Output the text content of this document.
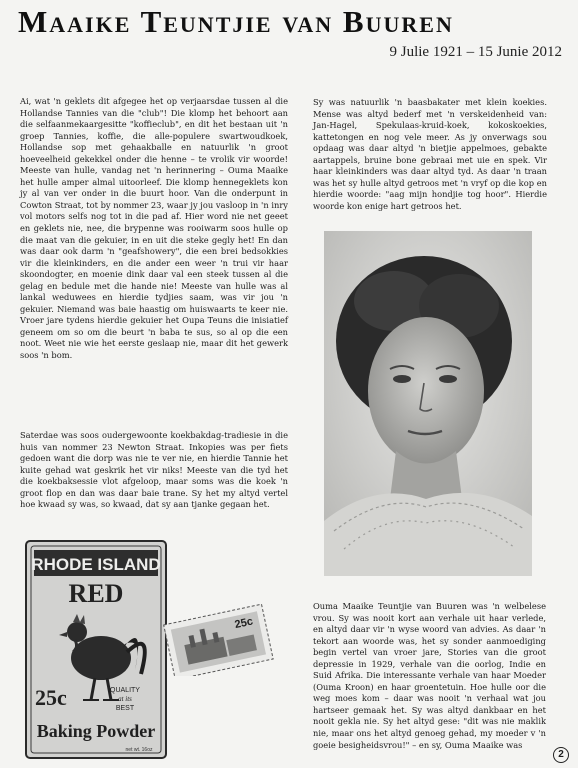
Maaike Teuntjie van Buuren
9 Julie 1921 – 15 Junie 2012

Ai, wat 'n geklets dit afgegee het op verjaarsdae tussen al die Hollandse Tannies van die "club"! Die klomp het behoort aan die selfaanmekaargesitte "koffieclub", en dit het bestaan uit 'n groep Tannies, koffie, die alle-populere swartwoudkoek, Hollandse sop met gehaakballe en natuurlik 'n groot hoeveelheid gekekkel onder die henne – te vrolik vir woorde! Meeste van hulle, vandag net 'n herinnering – Ouma Maaike het hulle amper almal uitoorleef. Die klomp hennegeklets kon jy al van ver onder in die buurt hoor. Van die onderpunt in Cowton Straat, tot by nommer 23, waar jy jou vasloop in 'n inry vol motors selfs nog tot in die pad af. Hier word nie net geeet en geklets nie, nee, die brypenne was rooiwarm soos hulle op die maat van die gekuier, in en uit die steke gegly het! En dan was daar ook darm 'n "geafshowery", die een brei bedsokkies vir die kleinkinders, en die ander een weer 'n trui vir haar skoondogter, en moenie dink daar val een steek tussen al die gelag en bedule met die hande nie! Meeste van hulle was al lankal weduwees en hierdie tydjies saam, was vir jou 'n gekuier. Niemand was baie haastig om huiswaarts te keer nie. Vroer jare tydens hierdie gekuier het Oupa Teuns die inisiatief geneem om so om die beurt 'n baba te sus, so al op die een noot. Weet nie wie het eerste geslaap nie, maar dit het gewerk soos 'n bom.

Saterdae was soos oudergewoonte koekbakdag-tradiesie in die huis van nommer 23 Newton Straat. Inkopies was per fiets gedoen want die dorp was nie te ver nie, en hierdie Tannie het kuite gehad wat geskrik het vir niks! Meeste van die tyd het die koekbaksessie vlot afgeloop, maar soms was die koek 'n groot flop en dan was daar baie trane. Sy het my altyd vertel hoe kwaad sy was, so kwaad, dat sy aan tjanke gegaan het.

Sy was natuurlik 'n baasbakater met klein koekies. Mense was altyd bederf met 'n verskeidenheid van: Jan-Hagel, Spekulaas-kruid-koek, kokoskoekies, kattetongen en nog vele meer. As jy onverwags sou opdaag was daar altyd 'n bietjie appelmoes, gebakte aartappels, bruine bone gebraai met uie en spek. Vir haar kleinkinders was daar altyd tyd. As daar 'n traan was het sy hulle altyd getroos met 'n vryf op die kop en hierdie woorde: "aag mijn hondjie tog hoor". Hierdie woorde kon enige hart getroos het.

Ouma Maaike Teuntjie van Buuren was 'n welbelese vrou. Sy was nooit kort aan verhale uit haar verlede, en altyd daar vir 'n wyse woord van advies. As daar 'n tekort aan woorde was, het sy sonder aanmoediging begin vertel van vroer jare, Stories van die groot depressie in 1929, verhale van die oorlog, Indie en Suid Afrika. Die interessante verhale van haar Moeder (Ouma Kroon) en haar groentetuin. Hoe hulle oor die weg moes kom – daar was nooit 'n verhaal wat jou hartseer gemaak het. Sy was altyd dankbaar en het nooit gekla nie. Sy het altyd gese: "dit was nie maklik nie, maar ons het altyd genoeg gehad, my moeder v 'n goeie besigheidsvrou!" – en sy, Ouma Maaike was

RHODE ISLAND
RED
25c	QUALITY
at its
BEST
Baking Powder
net wt. 16oz
25c
2
